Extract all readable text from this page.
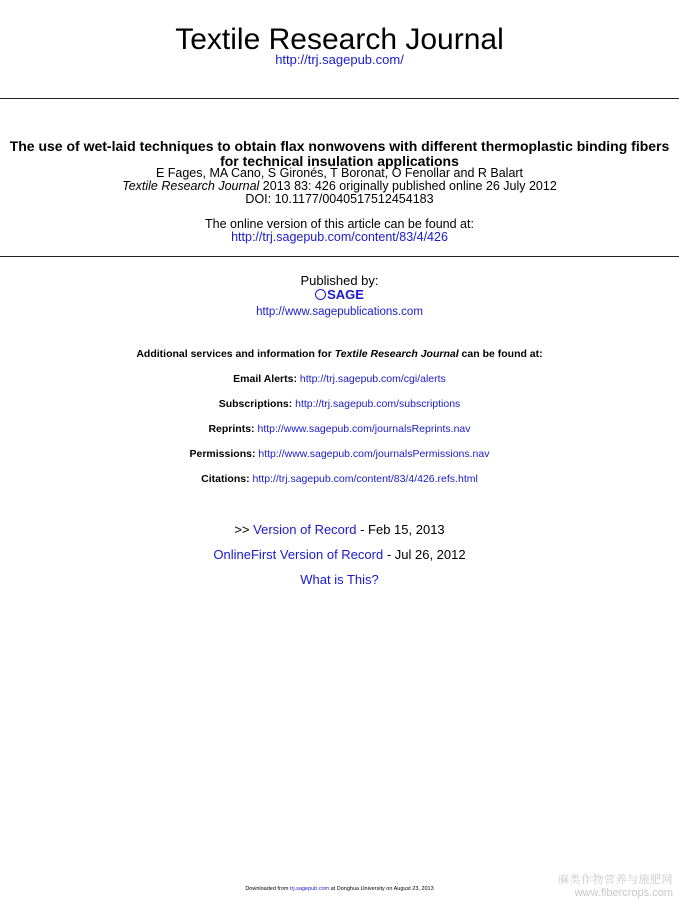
Textile Research Journal
http://trj.sagepub.com/
The use of wet-laid techniques to obtain flax nonwovens with different thermoplastic binding fibers for technical insulation applications
E Fages, MA Cano, S Gironés, T Boronat, O Fenollar and R Balart
Textile Research Journal 2013 83: 426 originally published online 26 July 2012
DOI: 10.1177/0040517512454183
The online version of this article can be found at:
http://trj.sagepub.com/content/83/4/426
Published by:
SAGE
http://www.sagepublications.com
Additional services and information for Textile Research Journal can be found at:
Email Alerts: http://trj.sagepub.com/cgi/alerts
Subscriptions: http://trj.sagepub.com/subscriptions
Reprints: http://www.sagepub.com/journalsReprints.nav
Permissions: http://www.sagepub.com/journalsPermissions.nav
Citations: http://trj.sagepub.com/content/83/4/426.refs.html
>> Version of Record - Feb 15, 2013
OnlineFirst Version of Record - Jul 26, 2012
What is This?
Downloaded from trj.sagepub.com at Donghua University on August 23, 2013
麻类作物营养与施肥网
www.fibercrops.com
